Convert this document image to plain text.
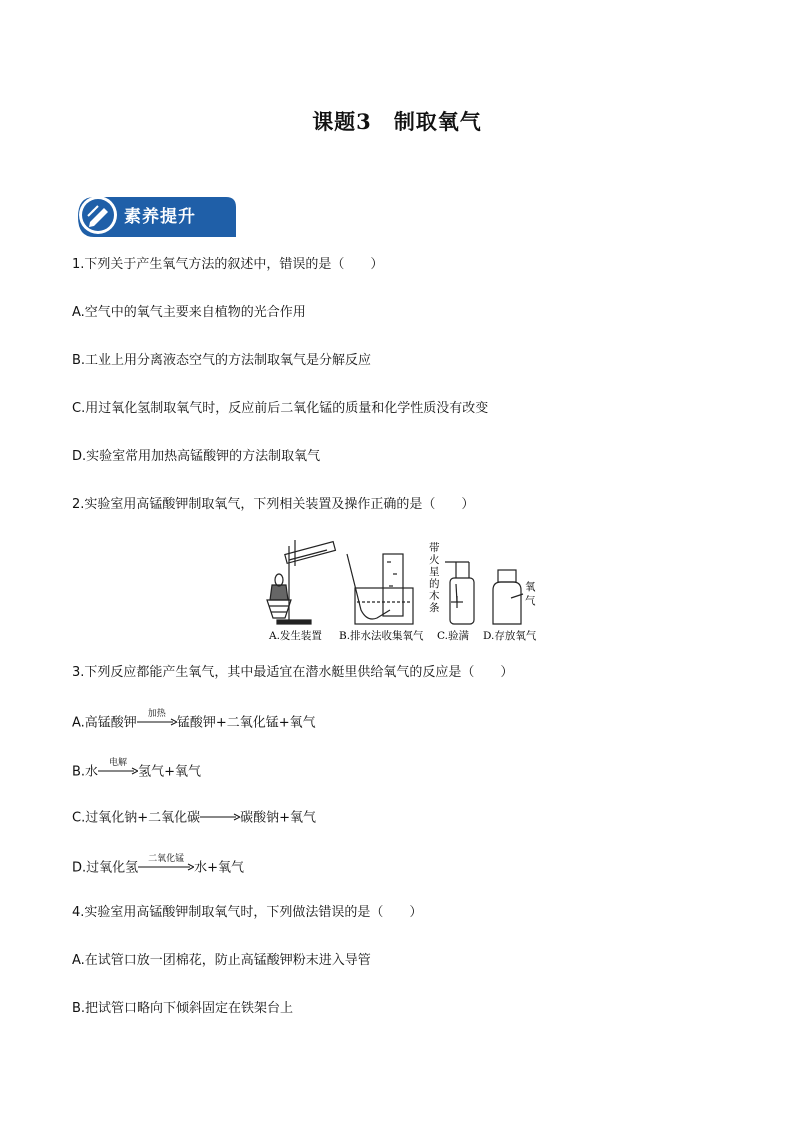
课题3　 制取氧气
素养提升
1.下列关于产生氧气方法的叙述中，错误的是（　　）
A.空气中的氧气主要来自植物的光合作用
B.工业上用分离液态空气的方法制取氧气是分解反应
C.用过氧化氢制取氧气时，反应前后二氧化锰的质量和化学性质没有改变
D.实验室常用加热高锰酸钾的方法制取氧气
2.实验室用高锰酸钾制取氧气，下列相关装置及操作正确的是（　　）
A.发生装置 B.排水法收集氧气 C.验满 D.存放氧气
带
火
星
的
木
条
氧
气
3.下列反应都能产生氧气，其中最适宜在潜水艇里供给氧气的反应是（　　）
A.高锰酸钾
加热
锰酸钾+二氧化锰+氧气
B.水
电解
氢气+氧气
C.过氧化钠+二氧化碳→碳酸钠+氧气
D.过氧化氢
二氧化锰
水+氧气
4.实验室用高锰酸钾制取氧气时，下列做法错误的是（　　）
A.在试管口放一团棉花，防止高锰酸钾粉末进入导管
B.把试管口略向下倾斜固定在铁架台上
